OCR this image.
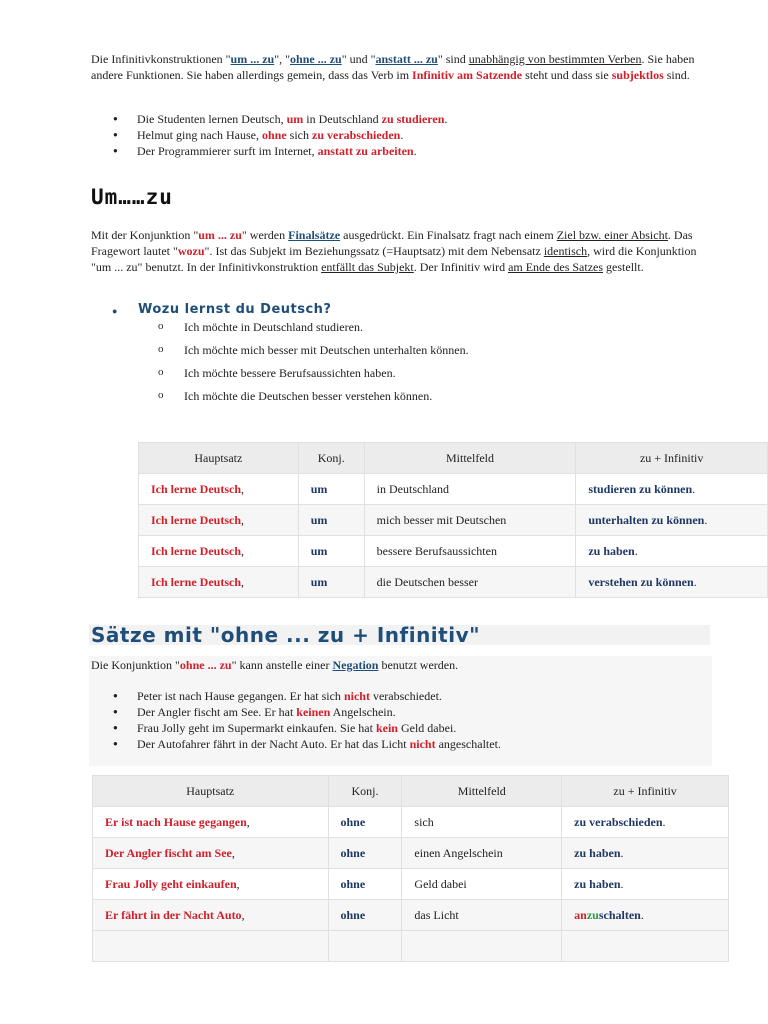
Die Infinitivkonstruktionen "um ... zu", "ohne ... zu" und "anstatt ... zu" sind unabhängig von bestimmten Verben. Sie haben andere Funktionen. Sie haben allerdings gemein, dass das Verb im Infinitiv am Satzende steht und dass sie subjektlos sind.

● Die Studenten lernen Deutsch, um in Deutschland zu studieren.
● Helmut ging nach Hause, ohne sich zu verabschieden.
● Der Programmierer surft im Internet, anstatt zu arbeiten.
Um……zu

Mit der Konjunktion "um ... zu" werden Finalsätze ausgedrückt. Ein Finalsatz fragt nach einem Ziel bzw. einer Absicht. Das Fragewort lautet "wozu". Ist das Subjekt im Beziehungssatz (=Hauptsatz) mit dem Nebensatz identisch, wird die Konjunktion "um ... zu" benutzt. In der Infinitivkonstruktion entfällt das Subjekt. Der Infinitiv wird am Ende des Satzes gestellt.

● Wozu lernst du Deutsch?
o Ich möchte in Deutschland studieren.
o Ich möchte mich besser mit Deutschen unterhalten können.
o Ich möchte bessere Berufsaussichten haben.
o Ich möchte die Deutschen besser verstehen können.
Hauptsatz	Konj.	Mittelfeld	zu + Infinitiv
Ich lerne Deutsch,	um	in Deutschland	studieren zu können.
Ich lerne Deutsch,	um	mich besser mit Deutschen	unterhalten zu können.
Ich lerne Deutsch,	um	bessere Berufsaussichten	zu haben.
Ich lerne Deutsch,	um	die Deutschen besser	verstehen zu können.
Sätze mit "ohne ... zu + Infinitiv"

Die Konjunktion "ohne ... zu" kann anstelle einer Negation benutzt werden.

● Peter ist nach Hause gegangen. Er hat sich nicht verabschiedet.
● Der Angler fischt am See. Er hat keinen Angelschein.
● Frau Jolly geht im Supermarkt einkaufen. Sie hat kein Geld dabei.
● Der Autofahrer fährt in der Nacht Auto. Er hat das Licht nicht angeschaltet.
Hauptsatz	Konj.	Mittelfeld	zu + Infinitiv
Er ist nach Hause gegangen,	ohne	sich	zu verabschieden.
Der Angler fischt am See,	ohne	einen Angelschein	zu haben.
Frau Jolly geht einkaufen,	ohne	Geld dabei	zu haben.
Er fährt in der Nacht Auto,	ohne	das Licht	anzuschalten.
